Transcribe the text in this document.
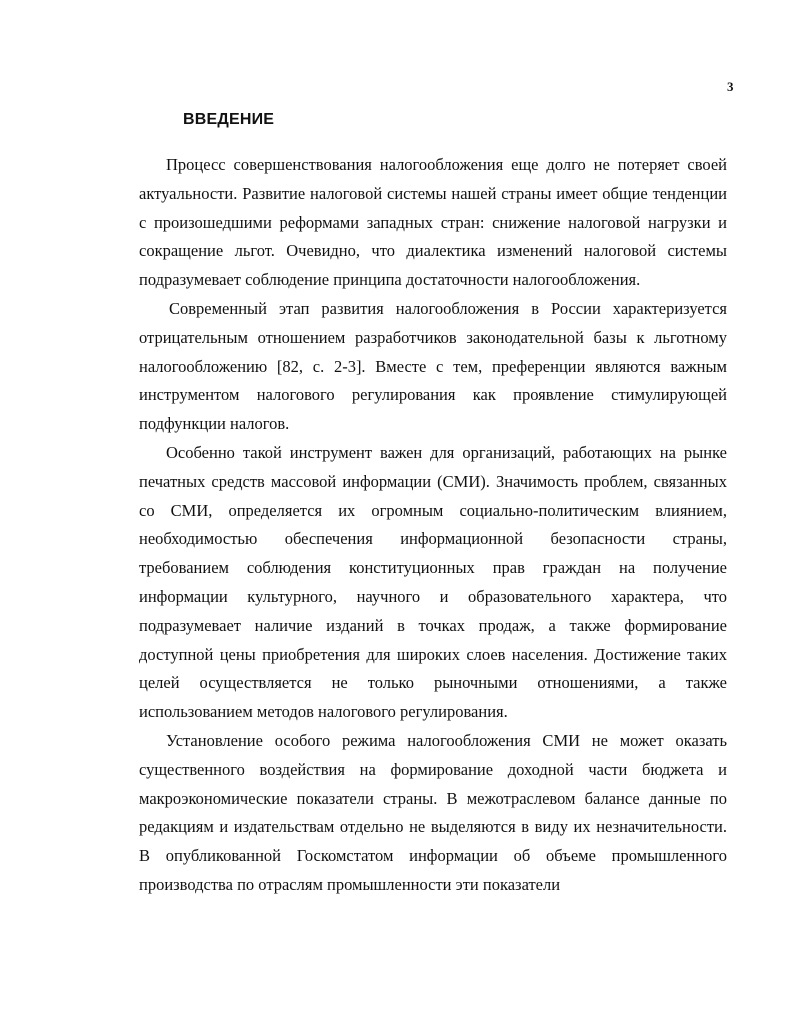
3
ВВЕДЕНИЕ

Процесс совершенствования налогообложения еще долго не потеряет своей актуальности. Развитие налоговой системы нашей страны имеет общие тенденции с произошедшими реформами западных стран: снижение налоговой нагрузки и сокращение льгот. Очевидно, что диалектика изменений налоговой системы подразумевает соблюдение принципа достаточности налогообложения.

Современный этап развития налогообложения в России характеризуется отрицательным отношением разработчиков законодательной базы к льготному налогообложению [82, с. 2-3]. Вместе с тем, преференции являются важным инструментом налогового регулирования как проявление стимулирующей подфункции налогов.

Особенно такой инструмент важен для организаций, работающих на рынке печатных средств массовой информации (СМИ). Значимость проблем, связанных со СМИ, определяется их огромным социально-политическим влиянием, необходимостью обеспечения информационной безопасности страны, требованием соблюдения конституционных прав граждан на получение информации культурного, научного и образовательного характера, что подразумевает наличие изданий в точках продаж, а также формирование доступной цены приобретения для широких слоев населения. Достижение таких целей осуществляется не только рыночными отношениями, а также использованием методов налогового регулирования.

Установление особого режима налогообложения СМИ не может оказать существенного воздействия на формирование доходной части бюджета и макроэкономические показатели страны. В межотраслевом балансе данные по редакциям и издательствам отдельно не выделяются в виду их незначительности. В опубликованной Госкомстатом информации об объеме промышленного производства по отраслям промышленности эти показатели
